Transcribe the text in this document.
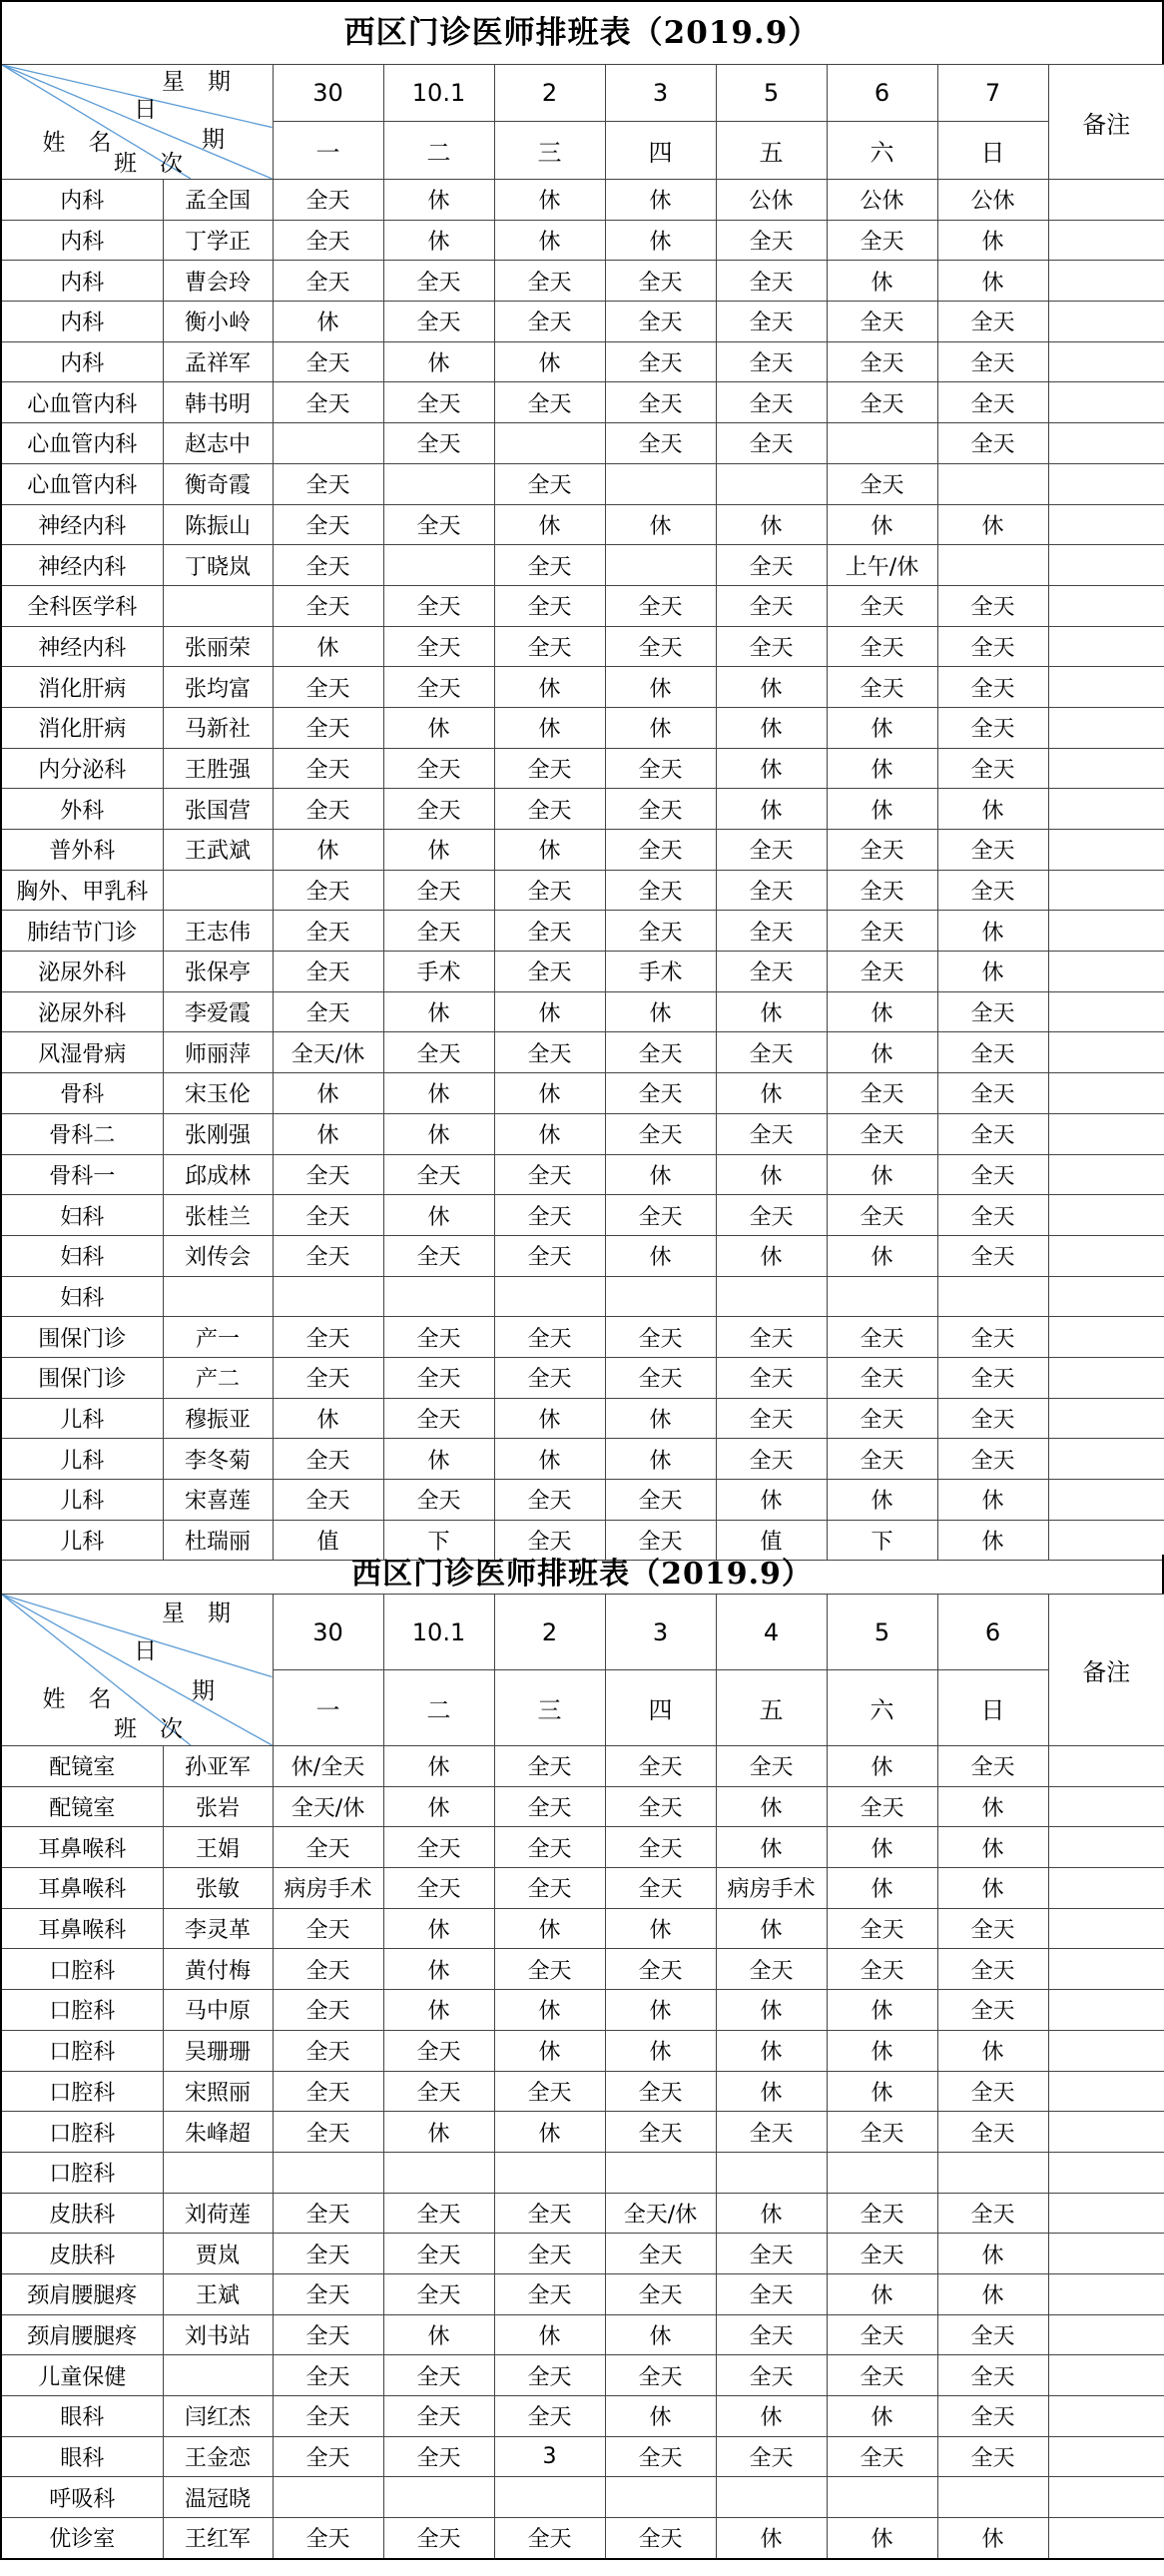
西区门诊医师排班表（2019.9）
星　期
日
期
姓　名
班　次		30	10.1	2	3	5	6	7	备注
		一	二	三	四	五	六	日	
内科	孟全国	全天	休	休	休	公休	公休	公休	
内科	丁学正	全天	休	休	休	全天	全天	休	
内科	曹会玲	全天	全天	全天	全天	全天	休	休	
内科	衡小岭	休	全天	全天	全天	全天	全天	全天	
内科	孟祥军	全天	休	休	全天	全天	全天	全天	
心血管内科	韩书明	全天	全天	全天	全天	全天	全天	全天	
心血管内科	赵志中		全天		全天	全天		全天	
心血管内科	衡奇霞	全天		全天			全天		
神经内科	陈振山	全天	全天	休	休	休	休	休	
神经内科	丁晓岚	全天		全天		全天	上午/休		
全科医学科		全天	全天	全天	全天	全天	全天	全天	
神经内科	张丽荣	休	全天	全天	全天	全天	全天	全天	
消化肝病	张均富	全天	全天	休	休	休	全天	全天	
消化肝病	马新社	全天	休	休	休	休	休	全天	
内分泌科	王胜强	全天	全天	全天	全天	休	休	全天	
外科	张国营	全天	全天	全天	全天	休	休	休	
普外科	王武斌	休	休	休	全天	全天	全天	全天	
胸外、甲乳科		全天	全天	全天	全天	全天	全天	全天	
肺结节门诊	王志伟	全天	全天	全天	全天	全天	全天	休	
泌尿外科	张保亭	全天	手术	全天	手术	全天	全天	休	
泌尿外科	李爱霞	全天	休	休	休	休	休	全天	
风湿骨病	师丽萍	全天/休	全天	全天	全天	全天	休	全天	
骨科	宋玉伦	休	休	休	全天	休	全天	全天	
骨科二	张刚强	休	休	休	全天	全天	全天	全天	
骨科一	邱成林	全天	全天	全天	休	休	休	全天	
妇科	张桂兰	全天	休	全天	全天	全天	全天	全天	
妇科	刘传会	全天	全天	全天	休	休	休	全天	
妇科									
围保门诊	产一	全天	全天	全天	全天	全天	全天	全天	
围保门诊	产二	全天	全天	全天	全天	全天	全天	全天	
儿科	穆振亚	休	全天	休	休	全天	全天	全天	
儿科	李冬菊	全天	休	休	休	全天	全天	全天	
儿科	宋喜莲	全天	全天	全天	全天	休	休	休	
儿科	杜瑞丽	值	下	全天	全天	值	下	休	
西区门诊医师排班表（2019.9）
星　期
日
期
姓　名
班　次		30	10.1	2	3	4	5	6	备注
		一	二	三	四	五	六	日	
配镜室	孙亚军	休/全天	休	全天	全天	全天	休	全天	
配镜室	张岩	全天/休	休	全天	全天	休	全天	休	
耳鼻喉科	王娟	全天	全天	全天	全天	休	休	休	
耳鼻喉科	张敏	病房手术	全天	全天	全天	病房手术	休	休	
耳鼻喉科	李灵革	全天	休	休	休	休	全天	全天	
口腔科	黄付梅	全天	休	全天	全天	全天	全天	全天	
口腔科	马中原	全天	休	休	休	休	休	全天	
口腔科	吴珊珊	全天	全天	休	休	休	休	休	
口腔科	宋照丽	全天	全天	全天	全天	休	休	全天	
口腔科	朱峰超	全天	休	休	全天	全天	全天	全天	
口腔科									
皮肤科	刘荷莲	全天	全天	全天	全天/休	休	全天	全天	
皮肤科	贾岚	全天	全天	全天	全天	全天	全天	休	
颈肩腰腿疼	王斌	全天	全天	全天	全天	全天	休	休	
颈肩腰腿疼	刘书站	全天	休	休	休	全天	全天	全天	
儿童保健		全天	全天	全天	全天	全天	全天	全天	
眼科	闫红杰	全天	全天	全天	休	休	休	全天	
眼科	王金恋	全天	全天	3	全天	全天	全天	全天	
呼吸科	温冠晓								
优诊室	王红军	全天	全天	全天	全天	休	休	休	
